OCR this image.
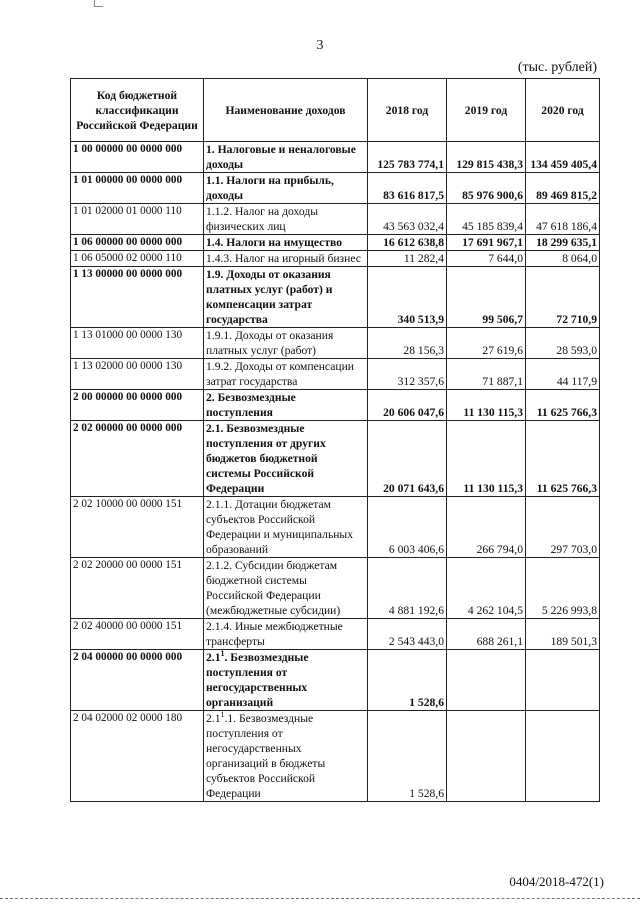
3
(тыс. рублей)
Код бюджетной классификации Российской Федерации	Наименование доходов	2018 год	2019 год	2020 год
1 00 00000 00 0000 000	1. Налоговые и неналоговые доходы	125 783 774,1	129 815 438,3	134 459 405,4
1 01 00000 00 0000 000	1.1. Налоги на прибыль, доходы	83 616 817,5	85 976 900,6	89 469 815,2
1 01 02000 01 0000 110	1.1.2. Налог на доходы физических лиц	43 563 032,4	45 185 839,4	47 618 186,4
1 06 00000 00 0000 000	1.4. Налоги на имущество	16 612 638,8	17 691 967,1	18 299 635,1
1 06 05000 02 0000 110	1.4.3. Налог на игорный бизнес	11 282,4	7 644,0	8 064,0
1 13 00000 00 0000 000	1.9. Доходы от оказания платных услуг (работ) и компенсации затрат государства	340 513,9	99 506,7	72 710,9
1 13 01000 00 0000 130	1.9.1. Доходы от оказания платных услуг (работ)	28 156,3	27 619,6	28 593,0
1 13 02000 00 0000 130	1.9.2. Доходы от компенсации затрат государства	312 357,6	71 887,1	44 117,9
2 00 00000 00 0000 000	2. Безвозмездные поступления	20 606 047,6	11 130 115,3	11 625 766,3
2 02 00000 00 0000 000	2.1. Безвозмездные поступления от других бюджетов бюджетной системы Российской Федерации	20 071 643,6	11 130 115,3	11 625 766,3
2 02 10000 00 0000 151	2.1.1. Дотации бюджетам субъектов Российской Федерации и муниципальных образований	6 003 406,6	266 794,0	297 703,0
2 02 20000 00 0000 151	2.1.2. Субсидии бюджетам бюджетной системы Российской Федерации (межбюджетные субсидии)	4 881 192,6	4 262 104,5	5 226 993,8
2 02 40000 00 0000 151	2.1.4. Иные межбюджетные трансферты	2 543 443,0	688 261,1	189 501,3
2 04 00000 00 0000 000	$2.1^1$. Безвозмездные поступления от негосударственных организаций	1 528,6		
2 04 02000 02 0000 180	$2.1^1.1$. Безвозмездные поступления от негосударственных организаций в бюджеты субъектов Российской Федерации	1 528,6		
0404/2018-472(1)
